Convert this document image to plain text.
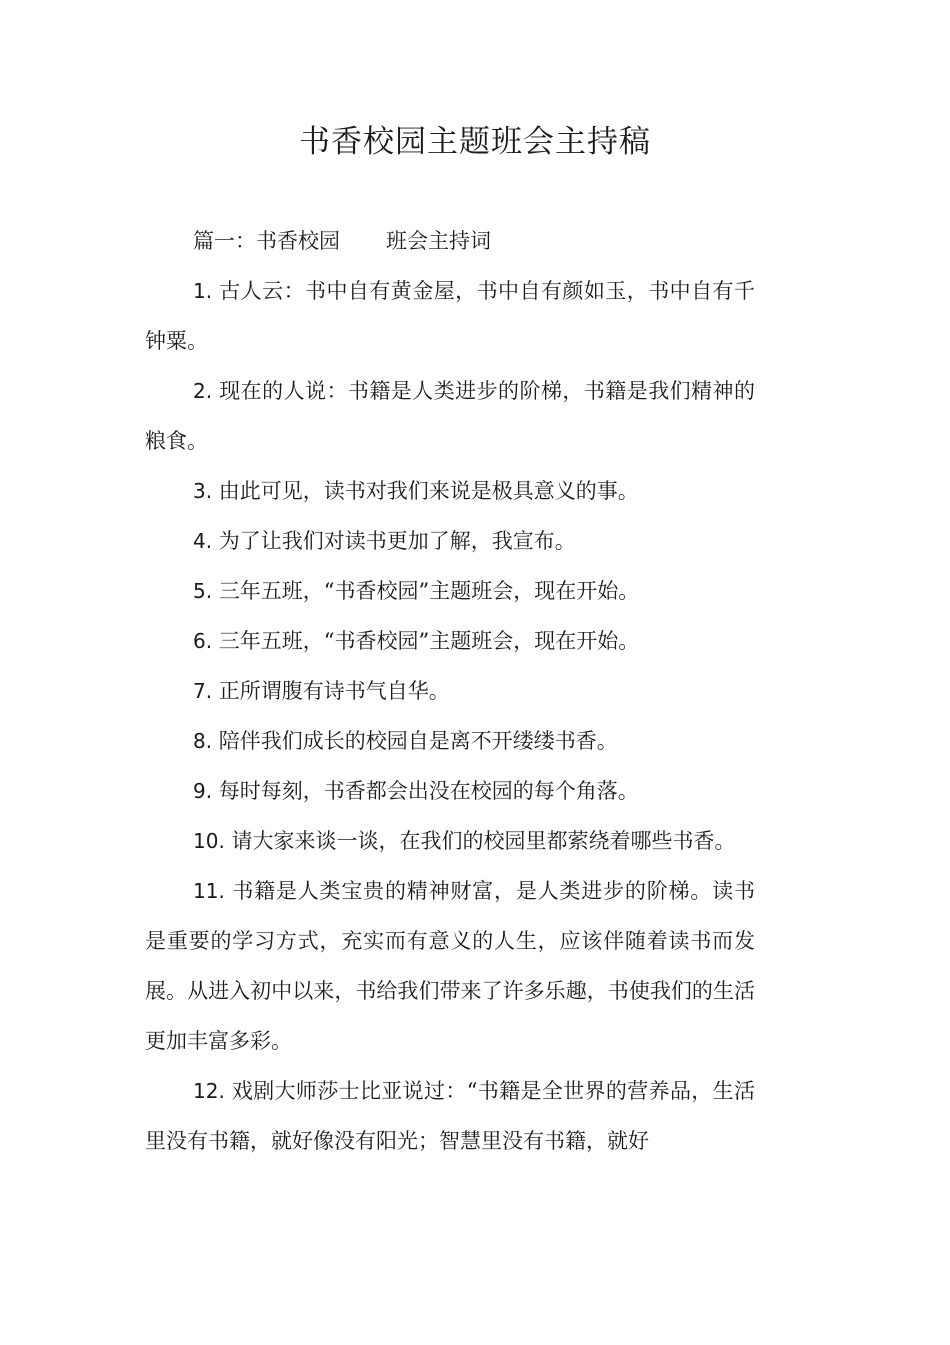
书香校园主题班会主持稿

篇一：书香校园 班会主持词

1. 古人云：书中自有黄金屋，书中自有颜如玉，书中自有千钟粟。

2. 现在的人说：书籍是人类进步的阶梯，书籍是我们精神的粮食。

3. 由此可见，读书对我们来说是极具意义的事。

4. 为了让我们对读书更加了解，我宣布。

5. 三年五班，“书香校园”主题班会，现在开始。

6. 三年五班，“书香校园”主题班会，现在开始。

7. 正所谓腹有诗书气自华。

8. 陪伴我们成长的校园自是离不开缕缕书香。

9. 每时每刻，书香都会出没在校园的每个角落。

10. 请大家来谈一谈，在我们的校园里都萦绕着哪些书香。

11. 书籍是人类宝贵的精神财富，是人类进步的阶梯。读书是重要的学习方式，充实而有意义的人生，应该伴随着读书而发展。从进入初中以来，书给我们带来了许多乐趣，书使我们的生活更加丰富多彩。

12. 戏剧大师莎士比亚说过：“书籍是全世界的营养品，生活里没有书籍，就好像没有阳光；智慧里没有书籍，就好
